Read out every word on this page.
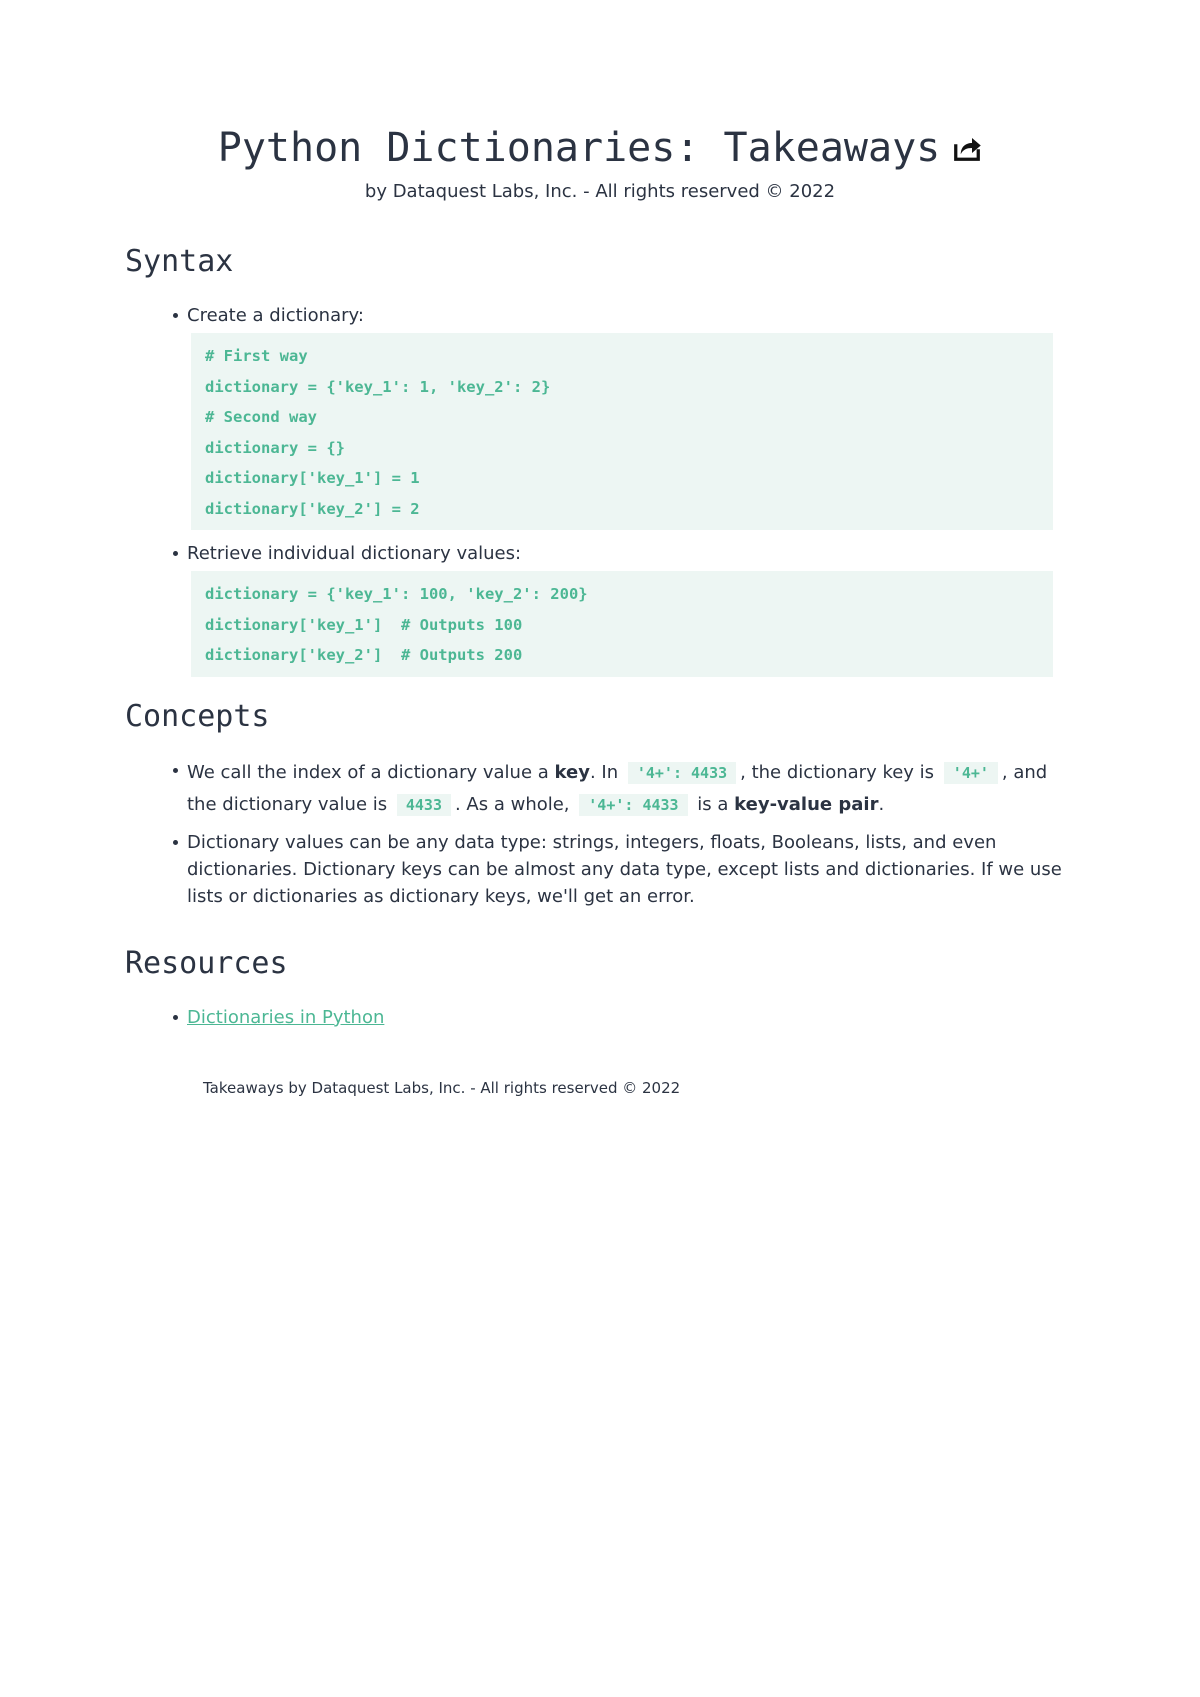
Python Dictionaries: Takeaways
by Dataquest Labs, Inc. - All rights reserved © 2022
Syntax
Create a dictionary:
# First way
dictionary = {'key_1': 1, 'key_2': 2}
# Second way
dictionary = {}
dictionary['key_1'] = 1
dictionary['key_2'] = 2
Retrieve individual dictionary values:
dictionary = {'key_1': 100, 'key_2': 200}
dictionary['key_1']  # Outputs 100
dictionary['key_2']  # Outputs 200
Concepts
We call the index of a dictionary value a key. In '4+': 4433 , the dictionary key is '4+' , and the dictionary value is 4433 . As a whole, '4+': 4433 is a key-value pair.
Dictionary values can be any data type: strings, integers, floats, Booleans, lists, and even dictionaries. Dictionary keys can be almost any data type, except lists and dictionaries. If we use lists or dictionaries as dictionary keys, we'll get an error.
Resources
Dictionaries in Python
Takeaways by Dataquest Labs, Inc. - All rights reserved © 2022
